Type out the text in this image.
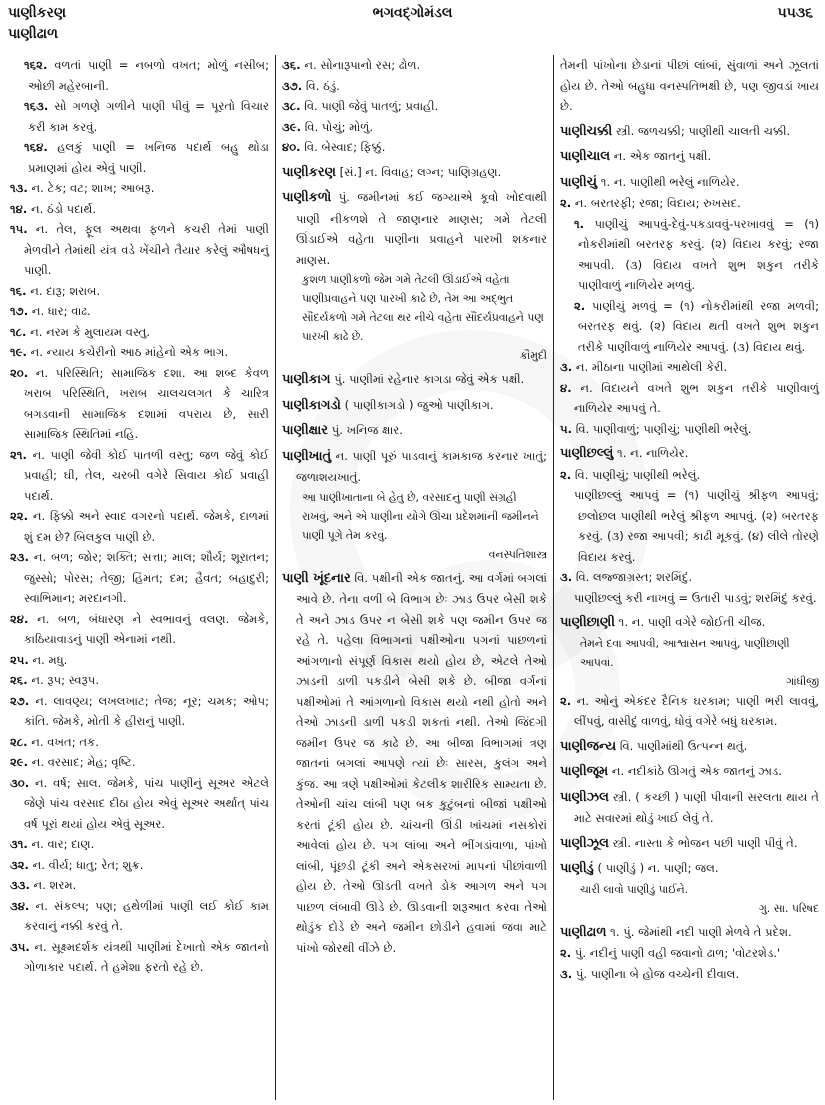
પાણીકરણ
પાણીઢાળ
ભગવદ્ગોમંડલ	૫૫૩૬

૧૬૨. વળતાં પાણી = નબળો વખત; મોળું નસીબ; ઓછી મહેરબાની.

૧૬૩. સો ગળણે ગળીને પાણી પીવું = પૂરતો વિચાર કરી કામ કરવું.

૧૬૪. હલકું પાણી = ખનિજ પદાર્થ બહુ થોડા પ્રમાણમાં હોય એવું પાણી.

૧૩. ન. ટેક; વટ; શાખ; આબરૂ.

૧૪. ન. ઠંડો પદાર્થ.

૧૫. ન. તેલ, ફૂલ અથવા ફળને કચરી તેમાં પાણી મેળવીને તેમાંથી યંત્ર વડે ખેંચીને તૈયાર કરેલું ઔષધનું પાણી.

૧૬. ન. દારૂ; શરાબ.

૧૭. ન. ધાર; વાઢ.

૧૮. ન. નરમ કે મુલાયમ વસ્તુ.

૧૯. ન. ન્યાય કચેરીનો આઠ માંહેનો એક ભાગ.

૨૦. ન. પરિસ્થિતિ; સામાજિક દશા. આ શબ્દ કેવળ ખરાબ પરિસ્થિતિ, ખરાબ ચાલચલગત કે ચારિત્ર બગડવાની સામાજિક દશામાં વપરાય છે, સારી સામાજિક સ્થિતિમાં નહિ.

૨૧. ન. પાણી જેવી કોઈ પાતળી વસ્તુ; જળ જેવું કોઈ પ્રવાહી; ઘી, તેલ, ચરબી વગેરે સિવાય કોઈ પ્રવાહી પદાર્થ.

૨૨. ન. ફિક્કો અને સ્વાદ વગરનો પદાર્થ. જેમકે, દાળમાં શું દમ છે? બિલકુલ પાણી છે.

૨૩. ન. બળ; જોર; શક્તિ; સત્તા; માલ; શૌર્ય; શૂરાતન; જુસ્સો; પોરસ; તેજી; હિંમત; દમ; હૈવત; બહાદુરી; સ્વાભિમાન; મરદાનગી.

૨૪. ન. બળ, બંધારણ ને સ્વભાવનું વલણ. જેમકે, કાઠિયાવાડનું પાણી એનામાં નથી.

૨૫. ન. મધુ.

૨૬. ન. રૂપ; સ્વરૂપ.

૨૭. ન. લાવણ્ય; લખલખાટ; તેજ; નૂર; ચમક; ઓપ; કાંતિ. જેમકે, મોતી કે હીરાનું પાણી.

૨૮. ન. વખત; તક.

૨૯. ન. વરસાદ; મેહ; વૃષ્ટિ.

૩૦. ન. વર્ષ; સાલ. જેમકે, પાંચ પાણીનું સૂઅર એટલે જેણે પાંચ વરસાદ દીઠા હોય એવું સૂઅર અર્થાત્ પાંચ વર્ષ પૂરાં થયાં હોય એવું સૂઅર.

૩૧. ન. વાર; દાણ.

૩૨. ન. વીર્ય; ધાતુ; રેત; શુક્ર.

૩૩. ન. શરમ.

૩૪. ન. સંકલ્પ; પણ; હથેળીમાં પાણી લઈ કોઈ કામ કરવાનું નક્કી કરવું તે.

૩૫. ન. સૂક્ષ્મદર્શક યંત્રથી પાણીમાં દેખાતો એક જાતનો ગોળાકાર પદાર્થ. તે હમેશા ફરતો રહે છે.

૩૬. ન. સોનારૂપાનો રસ; ઢોળ.

૩૭. વિ. ઠંડું.

૩૮. વિ. પાણી જેવું પાતળું; પ્રવાહી.

૩૯. વિ. પોચું; મોળું.

૪૦. વિ. બેસ્વાદ; ફિક્કું.

પાણીકરણ [સં.] ન. વિવાહ; લગ્ન; પાણિગ્રહણ.

પાણીકળો પું. જમીનમાં કઈ જગ્યાએ કૂવો ખોદવાથી પાણી નીકળશે તે જાણનાર માણસ; ગમે તેટલી ઊંડાઈએ વહેતા પાણીના પ્રવાહને પારખી શકનાર માણસ.

કુશળ પાણીકળો જેમ ગમે તેટલી ઊંડાઈએ વહેતા પાણીપ્રવાહને પણ પારખી કાઢે છે, તેમ આ અદ્ભુત સૌંદર્યકળો ગમે તેટલા થર નીચે વહેતા સૌંદર્યપ્રવાહને પણ પારખી કાઢે છે.
કૌમુદી

પાણીકાગ પું. પાણીમાં રહેનાર કાગડા જેવું એક પક્ષી.

પાણીકાગડો ( પાણીકાગડો ) જુઓ પાણીકાગ.

પાણીક્ષાર પું. ખનિજ ક્ષાર.

પાણીખાતું ન. પાણી પૂરું પાડવાનું કામકાજ કરનાર ખાતું; જળાશયખાતું.

આ પાણીખાતાના બે હેતુ છે, વરસાદનું પાણી સંગ્રહી રાખવું, અને એ પાણીના યોગે ઊંચા પ્રદેશમાંની જમીનને પાણી પૂગે તેમ કરવું.
વનસ્પતિશાસ્ત્ર

પાણી ખૂંદનાર વિ. પક્ષીની એક જાતનું. આ વર્ગમાં બગલાં આવે છે. તેના વળી બે વિભાગ છેઃ ઝાડ ઉપર બેસી શકે તે અને ઝાડ ઉપર ન બેસી શકે પણ જમીન ઉપર જ રહે તે. પહેલા વિભાગનાં પક્ષીઓના પગનાં પાછળનાં આંગળાનો સંપૂર્ણ વિકાસ થયો હોય છે, એટલે તેઓ ઝાડની ડાળી પકડીને બેસી શકે છે. બીજા વર્ગનાં પક્ષીઓમાં તે આંગળાનો વિકાસ થયો નથી હોતો અને તેઓ ઝાડની ડાળી પકડી શકતાં નથી. તેઓ જિંદગી જમીન ઉપર જ કાઢે છે. આ બીજા વિભાગમાં ત્રણ જાતનાં બગલાં આપણે ત્યાં છેઃ સારસ, કુલંગ અને કુંજ. આ ત્રણે પક્ષીઓમાં કેટલીક શારીરિક સામ્યતા છે. તેઓની ચાંચ લાંબી પણ બક કુટુંબનાં બીજાં પક્ષીઓ કરતાં ટૂંકી હોય છે. ચાંચની ઊંડી ખાંચમાં નસકોરાં આવેલાં હોય છે. પગ લાંબા અને ભીંગડાંવાળા, પાંખો લાંબી, પૂંછડી ટૂંકી અને એકસરખાં માપનાં પીછાંવાળી હોય છે. તેઓ ઊડતી વખતે ડોક આગળ અને પગ પાછળ લંબાવી ઊડે છે. ઊડવાની શરૂઆત કરવા તેઓ થોડુંક દોડે છે અને જમીન છોડીને હવામાં જવા માટે પાંખો જોરથી વીંઝે છે.

તેમની પાંખોના છેડાનાં પીછાં લાંબાં, સુંવાળાં અને ઝૂલતાં હોય છે. તેઓ બહુધા વનસ્પતિભક્ષી છે, પણ જીવડાં ખાય છે.

પાણીચક્કી સ્ત્રી. જળચક્કી; પાણીથી ચાલતી ચક્કી.

પાણીચાલ ન. એક જાતનું પક્ષી.

પાણીચું ૧. ન. પાણીથી ભરેલું નાળિયેર.

૨. ન. બરતરફી; રજા; વિદાય; રુખસદ.

૧. પાણીચું આપવું-દેવું-પકડાવવું-પરખાવવું = (૧) નોકરીમાંથી બરતરફ કરવું. (૨) વિદાય કરવું; રજા આપવી. (૩) વિદાય વખતે શુભ શકુન તરીકે પાણીવાળું નાળિયેર મળવું.

૨. પાણીચું મળવું = (૧) નોકરીમાંથી રજા મળવી; બરતરફ થવું. (૨) વિદાય થતી વખતે શુભ શકુન તરીકે પાણીવાળું નાળિયેર આપવું. (૩) વિદાય થવું.

૩. ન. મીઠાના પાણીમાં આથેલી કેરી.

૪. ન. વિદાયને વખતે શુભ શકુન તરીકે પાણીવાળું નાળિયેર આપવું તે.

૫. વિ. પાણીવાળું; પાણીચું; પાણીથી ભરેલું.

પાણીછલ્લું ૧. ન. નાળિયેર.

૨. વિ. પાણીચું; પાણીથી ભરેલું.

પાણીછલ્લું આપવું = (૧) પાણીચું શ્રીફળ આપવું; છલોછલ પાણીથી ભરેલું શ્રીફળ આપવું. (૨) બરતરફ કરવું. (૩) રજા આપવી; કાઢી મૂકવું. (૪) લીલે તોરણે વિદાય કરવું.

૩. વિ. લજ્જાગ્રસ્ત; શરમિંદું.

પાણીછલ્લું કરી નાખવું = ઉતારી પાડવું; શરમિંદું કરવું.

પાણીછાણી ૧. ન. પાણી વગેરે જોઈતી ચીજ.

તેમને દવા આપવી, આશ્વાસન આપવું, પાણીછાણી આપવાં.
ગાંધીજી

૨. ન. ઓનું એકંદર દૈનિક ઘરકામ; પાણી ભરી લાવવું, લીંપવું, વાસીદું વાળવું, ધોવું વગેરે બધું ઘરકામ.

પાણીજન્ય વિ. પાણીમાંથી ઉત્પન્ન થતું.

પાણીજૂમ ન. નદીકાંઠે ઊગતું એક જાતનું ઝાડ.

પાણીઝલ સ્ત્રી. ( કચ્છી ) પાણી પીવાની સરલતા થાય તે માટે સવારમાં થોડું ખાઈ લેવું તે.

પાણીઝૂલ સ્ત્રી. નાસ્તા કે ભોજન પછી પાણી પીવું તે.

પાણીડું ( પાણીડું ) ન. પાણી; જલ.

ચારી લાવો પાણીડું પાઈને.
ગુ. સા. પરિષદ

પાણીઢાળ ૧. પું. જેમાંથી નદી પાણી મેળવે તે પ્રદેશ.

૨. પું. નદીનું પાણી વહી જવાનો ઢાળ; 'વોટરશેડ.'

૩. પું. પાણીના બે હોજ વચ્ચેની દીવાલ.
